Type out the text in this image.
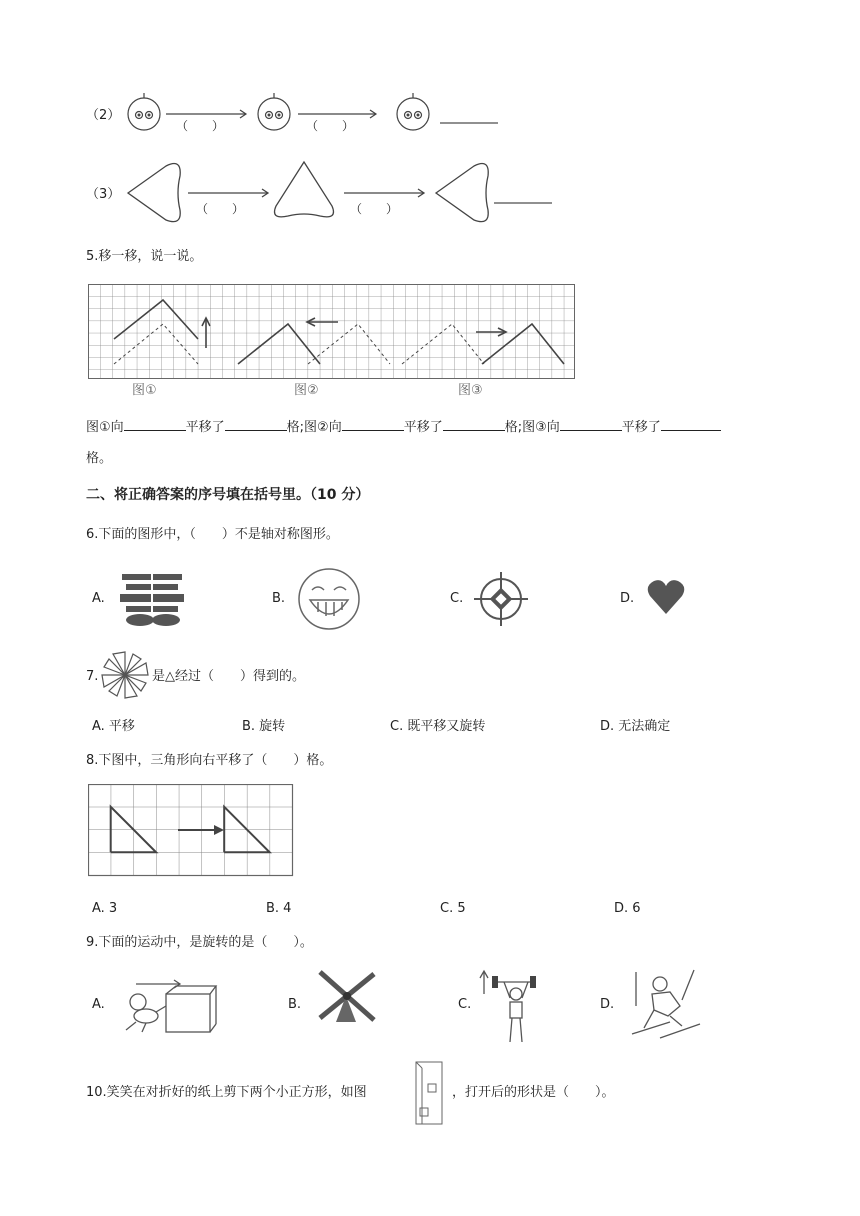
（2）
（　　）	（　　）
（3）
（　　）	（　　）
5.移一移，说一说。
图①	图②	图③
图①向	平移了	格;图②向	平移了	格;图③向	平移了
格。
二、将正确答案的序号填在括号里。（10 分）
6.下面的图形中，（　　）不是轴对称图形。
A.	B.	C.	D.
7.	是△经过（　　）得到的。
A. 平移	B. 旋转	C. 既平移又旋转	D. 无法确定
8.下图中，三角形向右平移了（　　）格。
A. 3	B. 4	C. 5	D. 6
9.下面的运动中，是旋转的是（　　）。
A.	B.	C.	D.
10.笑笑在对折好的纸上剪下两个小正方形，如图	，打开后的形状是（　　）。
